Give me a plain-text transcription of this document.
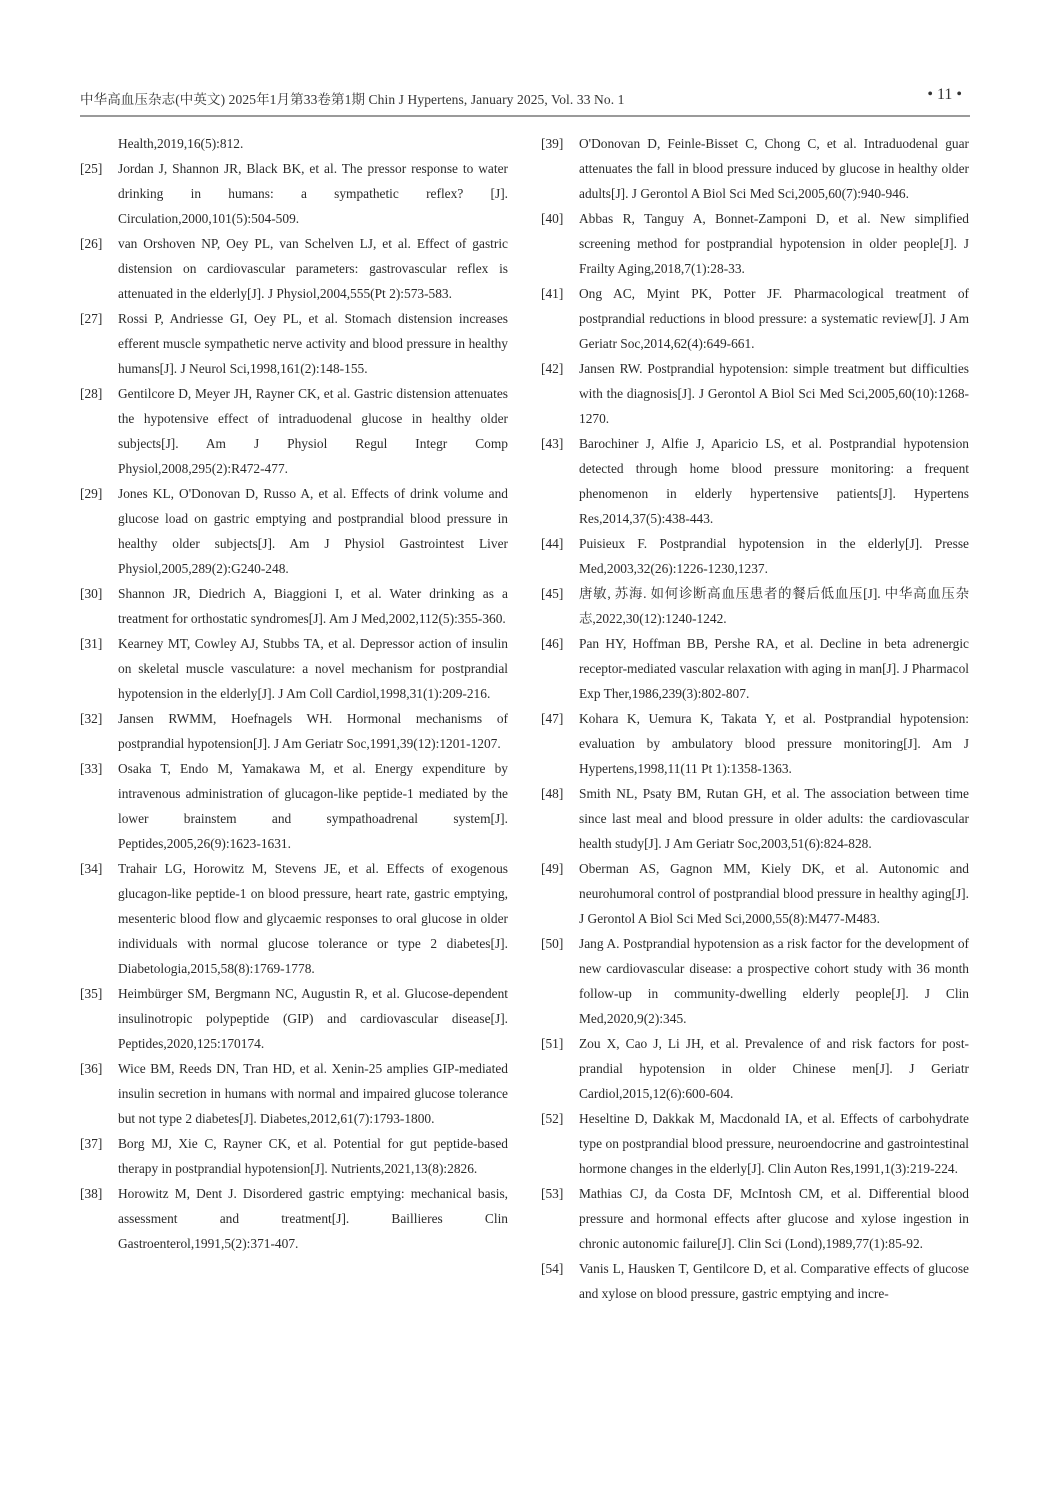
中华高血压杂志(中英文) 2025年1月第33卷第1期 Chin J Hypertens, January 2025, Vol. 33 No. 1	• 11 •
Health,2019,16(5):812.
[25] Jordan J, Shannon JR, Black BK, et al. The pressor response to water drinking in humans: a sympathetic reflex? [J]. Circulation,2000,101(5):504-509.
[26] van Orshoven NP, Oey PL, van Schelven LJ, et al. Effect of gastric distension on cardiovascular parameters: gastrovascular reflex is attenuated in the elderly[J]. J Physiol,2004,555(Pt 2):573-583.
[27] Rossi P, Andriesse GI, Oey PL, et al. Stomach distension increases efferent muscle sympathetic nerve activity and blood pressure in healthy humans[J]. J Neurol Sci,1998,161(2):148-155.
[28] Gentilcore D, Meyer JH, Rayner CK, et al. Gastric distension attenuates the hypotensive effect of intraduodenal glucose in healthy older subjects[J]. Am J Physiol Regul Integr Comp Physiol,2008,295(2):R472-477.
[29] Jones KL, O'Donovan D, Russo A, et al. Effects of drink volume and glucose load on gastric emptying and postprandial blood pressure in healthy older subjects[J]. Am J Physiol Gastrointest Liver Physiol,2005,289(2):G240-248.
[30] Shannon JR, Diedrich A, Biaggioni I, et al. Water drinking as a treatment for orthostatic syndromes[J]. Am J Med,2002,112(5):355-360.
[31] Kearney MT, Cowley AJ, Stubbs TA, et al. Depressor action of insulin on skeletal muscle vasculature: a novel mechanism for postprandial hypotension in the elderly[J]. J Am Coll Cardiol,1998,31(1):209-216.
[32] Jansen RWMM, Hoefnagels WH. Hormonal mechanisms of postprandial hypotension[J]. J Am Geriatr Soc,1991,39(12):1201-1207.
[33] Osaka T, Endo M, Yamakawa M, et al. Energy expenditure by intravenous administration of glucagon-like peptide-1 mediated by the lower brainstem and sympathoadrenal system[J]. Peptides,2005,26(9):1623-1631.
[34] Trahair LG, Horowitz M, Stevens JE, et al. Effects of exogenous glucagon-like peptide-1 on blood pressure, heart rate, gastric emptying, mesenteric blood flow and glycaemic responses to oral glucose in older individuals with normal glucose tolerance or type 2 diabetes[J]. Diabetologia,2015,58(8):1769-1778.
[35] Heimbürger SM, Bergmann NC, Augustin R, et al. Glucose-dependent insulinotropic polypeptide (GIP) and cardiovascular disease[J]. Peptides,2020,125:170174.
[36] Wice BM, Reeds DN, Tran HD, et al. Xenin-25 amplies GIP-mediated insulin secretion in humans with normal and impaired glucose tolerance but not type 2 diabetes[J]. Diabetes,2012,61(7):1793-1800.
[37] Borg MJ, Xie C, Rayner CK, et al. Potential for gut peptide-based therapy in postprandial hypotension[J]. Nutrients,2021,13(8):2826.
[38] Horowitz M, Dent J. Disordered gastric emptying: mechanical basis, assessment and treatment[J]. Baillieres Clin Gastroenterol,1991,5(2):371-407.
[39] O'Donovan D, Feinle-Bisset C, Chong C, et al. Intraduodenal guar attenuates the fall in blood pressure induced by glucose in healthy older adults[J]. J Gerontol A Biol Sci Med Sci,2005,60(7):940-946.
[40] Abbas R, Tanguy A, Bonnet-Zamponi D, et al. New simplified screening method for postprandial hypotension in older people[J]. J Frailty Aging,2018,7(1):28-33.
[41] Ong AC, Myint PK, Potter JF. Pharmacological treatment of postprandial reductions in blood pressure: a systematic review[J]. J Am Geriatr Soc,2014,62(4):649-661.
[42] Jansen RW. Postprandial hypotension: simple treatment but difficulties with the diagnosis[J]. J Gerontol A Biol Sci Med Sci,2005,60(10):1268-1270.
[43] Barochiner J, Alfie J, Aparicio LS, et al. Postprandial hypotension detected through home blood pressure monitoring: a frequent phenomenon in elderly hypertensive patients[J]. Hypertens Res,2014,37(5):438-443.
[44] Puisieux F. Postprandial hypotension in the elderly[J]. Presse Med,2003,32(26):1226-1230,1237.
[45] 唐敏, 苏海. 如何诊断高血压患者的餐后低血压[J]. 中华高血压杂志,2022,30(12):1240-1242.
[46] Pan HY, Hoffman BB, Pershe RA, et al. Decline in beta adrenergic receptor-mediated vascular relaxation with aging in man[J]. J Pharmacol Exp Ther,1986,239(3):802-807.
[47] Kohara K, Uemura K, Takata Y, et al. Postprandial hypotension: evaluation by ambulatory blood pressure monitoring[J]. Am J Hypertens,1998,11(11 Pt 1):1358-1363.
[48] Smith NL, Psaty BM, Rutan GH, et al. The association between time since last meal and blood pressure in older adults: the cardiovascular health study[J]. J Am Geriatr Soc,2003,51(6):824-828.
[49] Oberman AS, Gagnon MM, Kiely DK, et al. Autonomic and neurohumoral control of postprandial blood pressure in healthy aging[J]. J Gerontol A Biol Sci Med Sci,2000,55(8):M477-M483.
[50] Jang A. Postprandial hypotension as a risk factor for the development of new cardiovascular disease: a prospective cohort study with 36 month follow-up in community-dwelling elderly people[J]. J Clin Med,2020,9(2):345.
[51] Zou X, Cao J, Li JH, et al. Prevalence of and risk factors for post-prandial hypotension in older Chinese men[J]. J Geriatr Cardiol,2015,12(6):600-604.
[52] Heseltine D, Dakkak M, Macdonald IA, et al. Effects of carbohydrate type on postprandial blood pressure, neuroendocrine and gastrointestinal hormone changes in the elderly[J]. Clin Auton Res,1991,1(3):219-224.
[53] Mathias CJ, da Costa DF, McIntosh CM, et al. Differential blood pressure and hormonal effects after glucose and xylose ingestion in chronic autonomic failure[J]. Clin Sci (Lond),1989,77(1):85-92.
[54] Vanis L, Hausken T, Gentilcore D, et al. Comparative effects of glucose and xylose on blood pressure, gastric emptying and incre-
